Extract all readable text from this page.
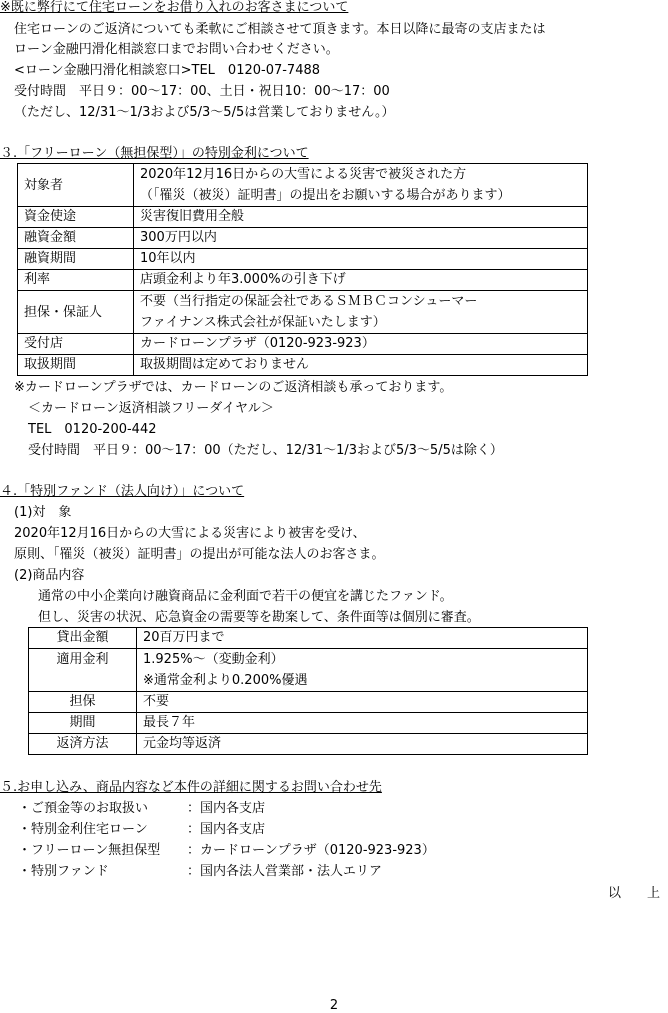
※既に弊行にて住宅ローンをお借り入れのお客さまについて
住宅ローンのご返済についても柔軟にご相談させて頂きます。本日以降に最寄の支店または
ローン金融円滑化相談窓口までお問い合わせください。
<ローン金融円滑化相談窓口>TEL　0120-07-7488
受付時間　平日９：00～17：00、土日・祝日10：00～17：00
（ただし、12/31～1/3および5/3～5/5は営業しておりません。）
３.「フリーローン（無担保型）」の特別金利について
対象者	2020年12月16日からの大雪による災害で被災された方
（「罹災（被災）証明書」の提出をお願いする場合があります）

資金使途	災害復旧費用全般
融資金額	300万円以内
融資期間	10年以内
利率	店頭金利より年3.000%の引き下げ
担保・保証人	不要（当行指定の保証会社であるＳＭＢＣコンシューマー
ファイナンス株式会社が保証いたします）

受付店	カードローンプラザ（0120-923-923）
取扱期間	取扱期間は定めておりません
※カードローンプラザでは、カードローンのご返済相談も承っております。
＜カードローン返済相談フリーダイヤル＞
TEL　0120-200-442
受付時間　平日９：00～17：00（ただし、12/31～1/3および5/3～5/5は除く）
４.「特別ファンド（法人向け）」について
(1)対　象
2020年12月16日からの大雪による災害により被害を受け、
原則、「罹災（被災）証明書」の提出が可能な法人のお客さま。
(2)商品内容
通常の中小企業向け融資商品に金利面で若干の便宜を講じたファンド。
但し、災害の状況、応急資金の需要等を勘案して、条件面等は個別に審査。
貸出金額	20百万円まで
適用金利	1.925%～（変動金利）
※通常金利より0.200%優遇

担保	不要
期間	最長７年
返済方法	元金均等返済
５.お申し込み、商品内容など本件の詳細に関するお問い合わせ先
・ご預金等のお取扱い	：国内各支店
・特別金利住宅ローン	：国内各支店
・フリーローン無担保型 ：カードローンプラザ（0120-923-923）
・特別ファンド	：国内各法人営業部・法人エリア
以　　上
2
